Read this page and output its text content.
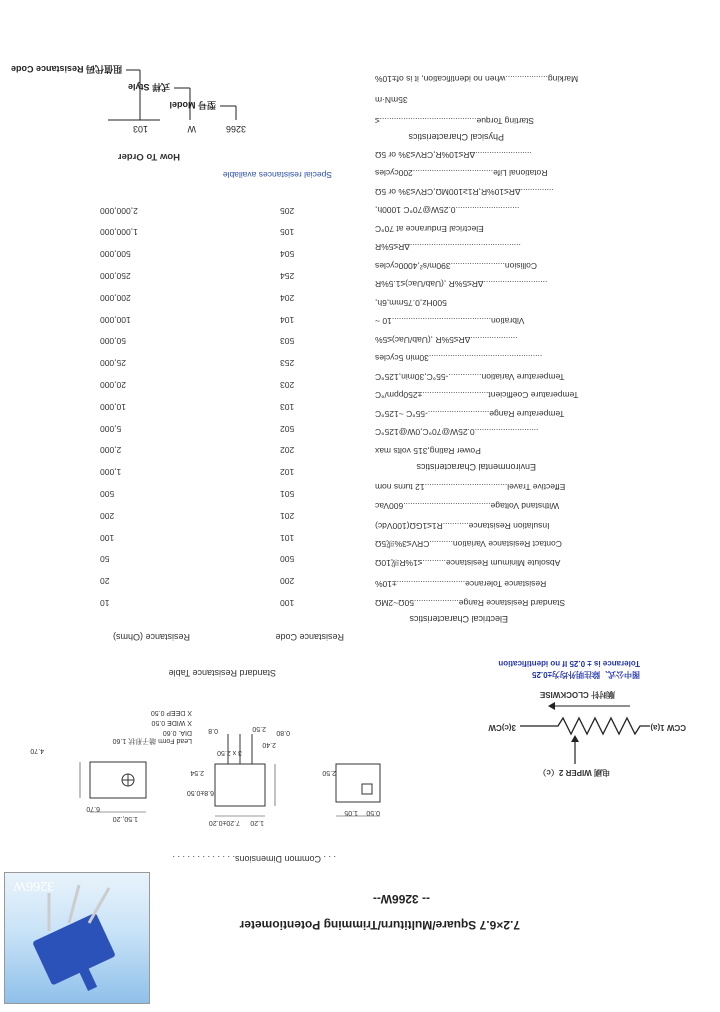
7.2×6.7 Square/Multiturn/Trimming Potentiometer
-- 3266W--
3266W
. . . Common Dimensions. . . . . . . . . . . . .
6.70
4.70
1.50,.20
7.20±0.20
6.8±0.50
1.20
2.50
2.40
1.05
0.80
0.50
2.50
3 x 2.50
2.54
0.8
Lead Form 端子形状 1.60
DIA. 0.60
X WIDE 0.50
X DEEP 0.50
电刷 WIPER 2（c）
CCW 1(a)
3(c)CW
顺时针 CLOCKWISE
图中公式、除注明外均为±0.25
Tolerance is ± 0.25 If no identification
Standard Resistance Table
Resistance (Ohms)	Resistance Code
10	100
20	200
50	500
100	101
200	201
500	501
1,000	102
2,000	202
5,000	502
10,000	103
20,000	203
25,000	253
50,000	503
100,000	104
200,000	204
250,000	254
500,000	504
1,000,000	105
2,000,000	205
Special resistances available
Electrical Characteristics
Standard Resistance Range...................50Ω~2MΩ
Resistance Tolerance.............................±10%
Absolute Minimum Resistance..........≤1%R或10Ω
Contact Resistance Variation..........CRV≤3%或5Ω
Insulation Resistance...........R1≤1GΩ(100Vdc)
Withstand Voltage.....................................600Vac
Effective Travel...................................12 turns nom
Environmental Characteristics
Power Rating,315 volts max
...........................0.25W@70°C,0W@125°C
Temperature Range..........................-55°C ~125°C
Temperature Coefficient............................±250ppm/°C
Temperature Variation..............-55°C,30min,125°C
................................................30min 5cycles
....................ΔR≤5%R ,(Uab/Uac)≤5%
Vibration..........................................10 ~
500Hz,0.75mm,6h,
...........................ΔR≤5%R ,(Uab/Uac)≤1.5%R
Collision.......................390m/s²,4000cycles
...............................................ΔR≤5%R
Electrical Endurance at 70°C
...........................0.25W@70°C 1000h,
..............ΔR≤10%R,R1≥100MΩ,CRV≤3% or 5Ω
Rotational Life..................................200cycles
........................ΔR≤10%R,CRV≤3% or 5Ω
Physical Characteristics
Starting Torque.........................................≤
35mN·m
Marking..................when no identification, it is of±10%
How To Order
3266
W
103
型号 Model
式样 Style
阻值代码 Resistance Code
